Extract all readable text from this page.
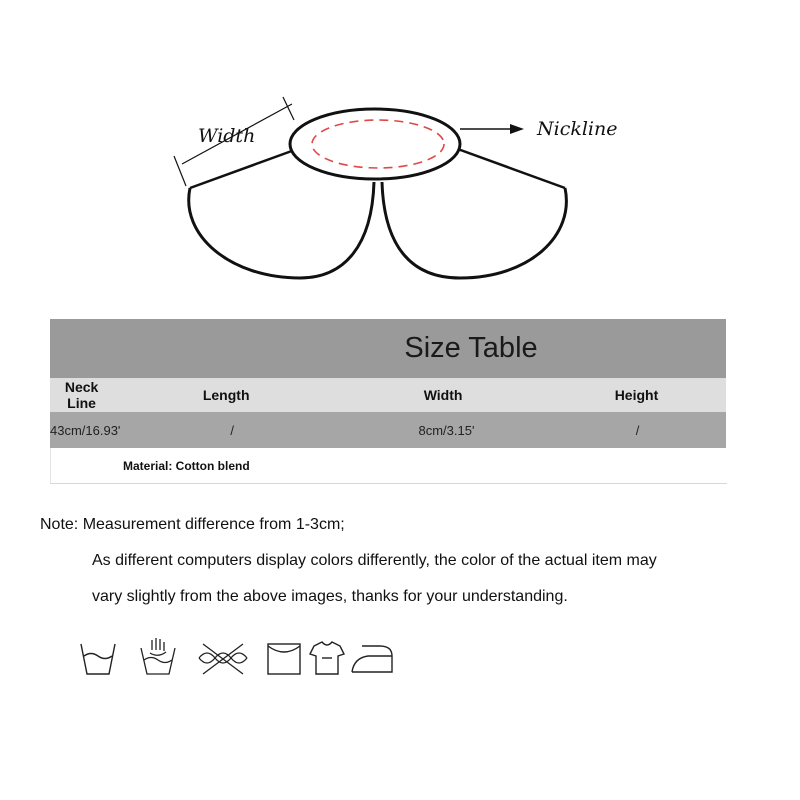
Width	Nickline
Size Table
Neck Line	Length	Width	Height
43cm/16.93'	/	8cm/3.15'	/
Material: Cotton blend
Note: Measurement difference from 1-3cm;
As different computers display colors differently, the color of the actual item may
vary slightly from the above images, thanks for your understanding.
